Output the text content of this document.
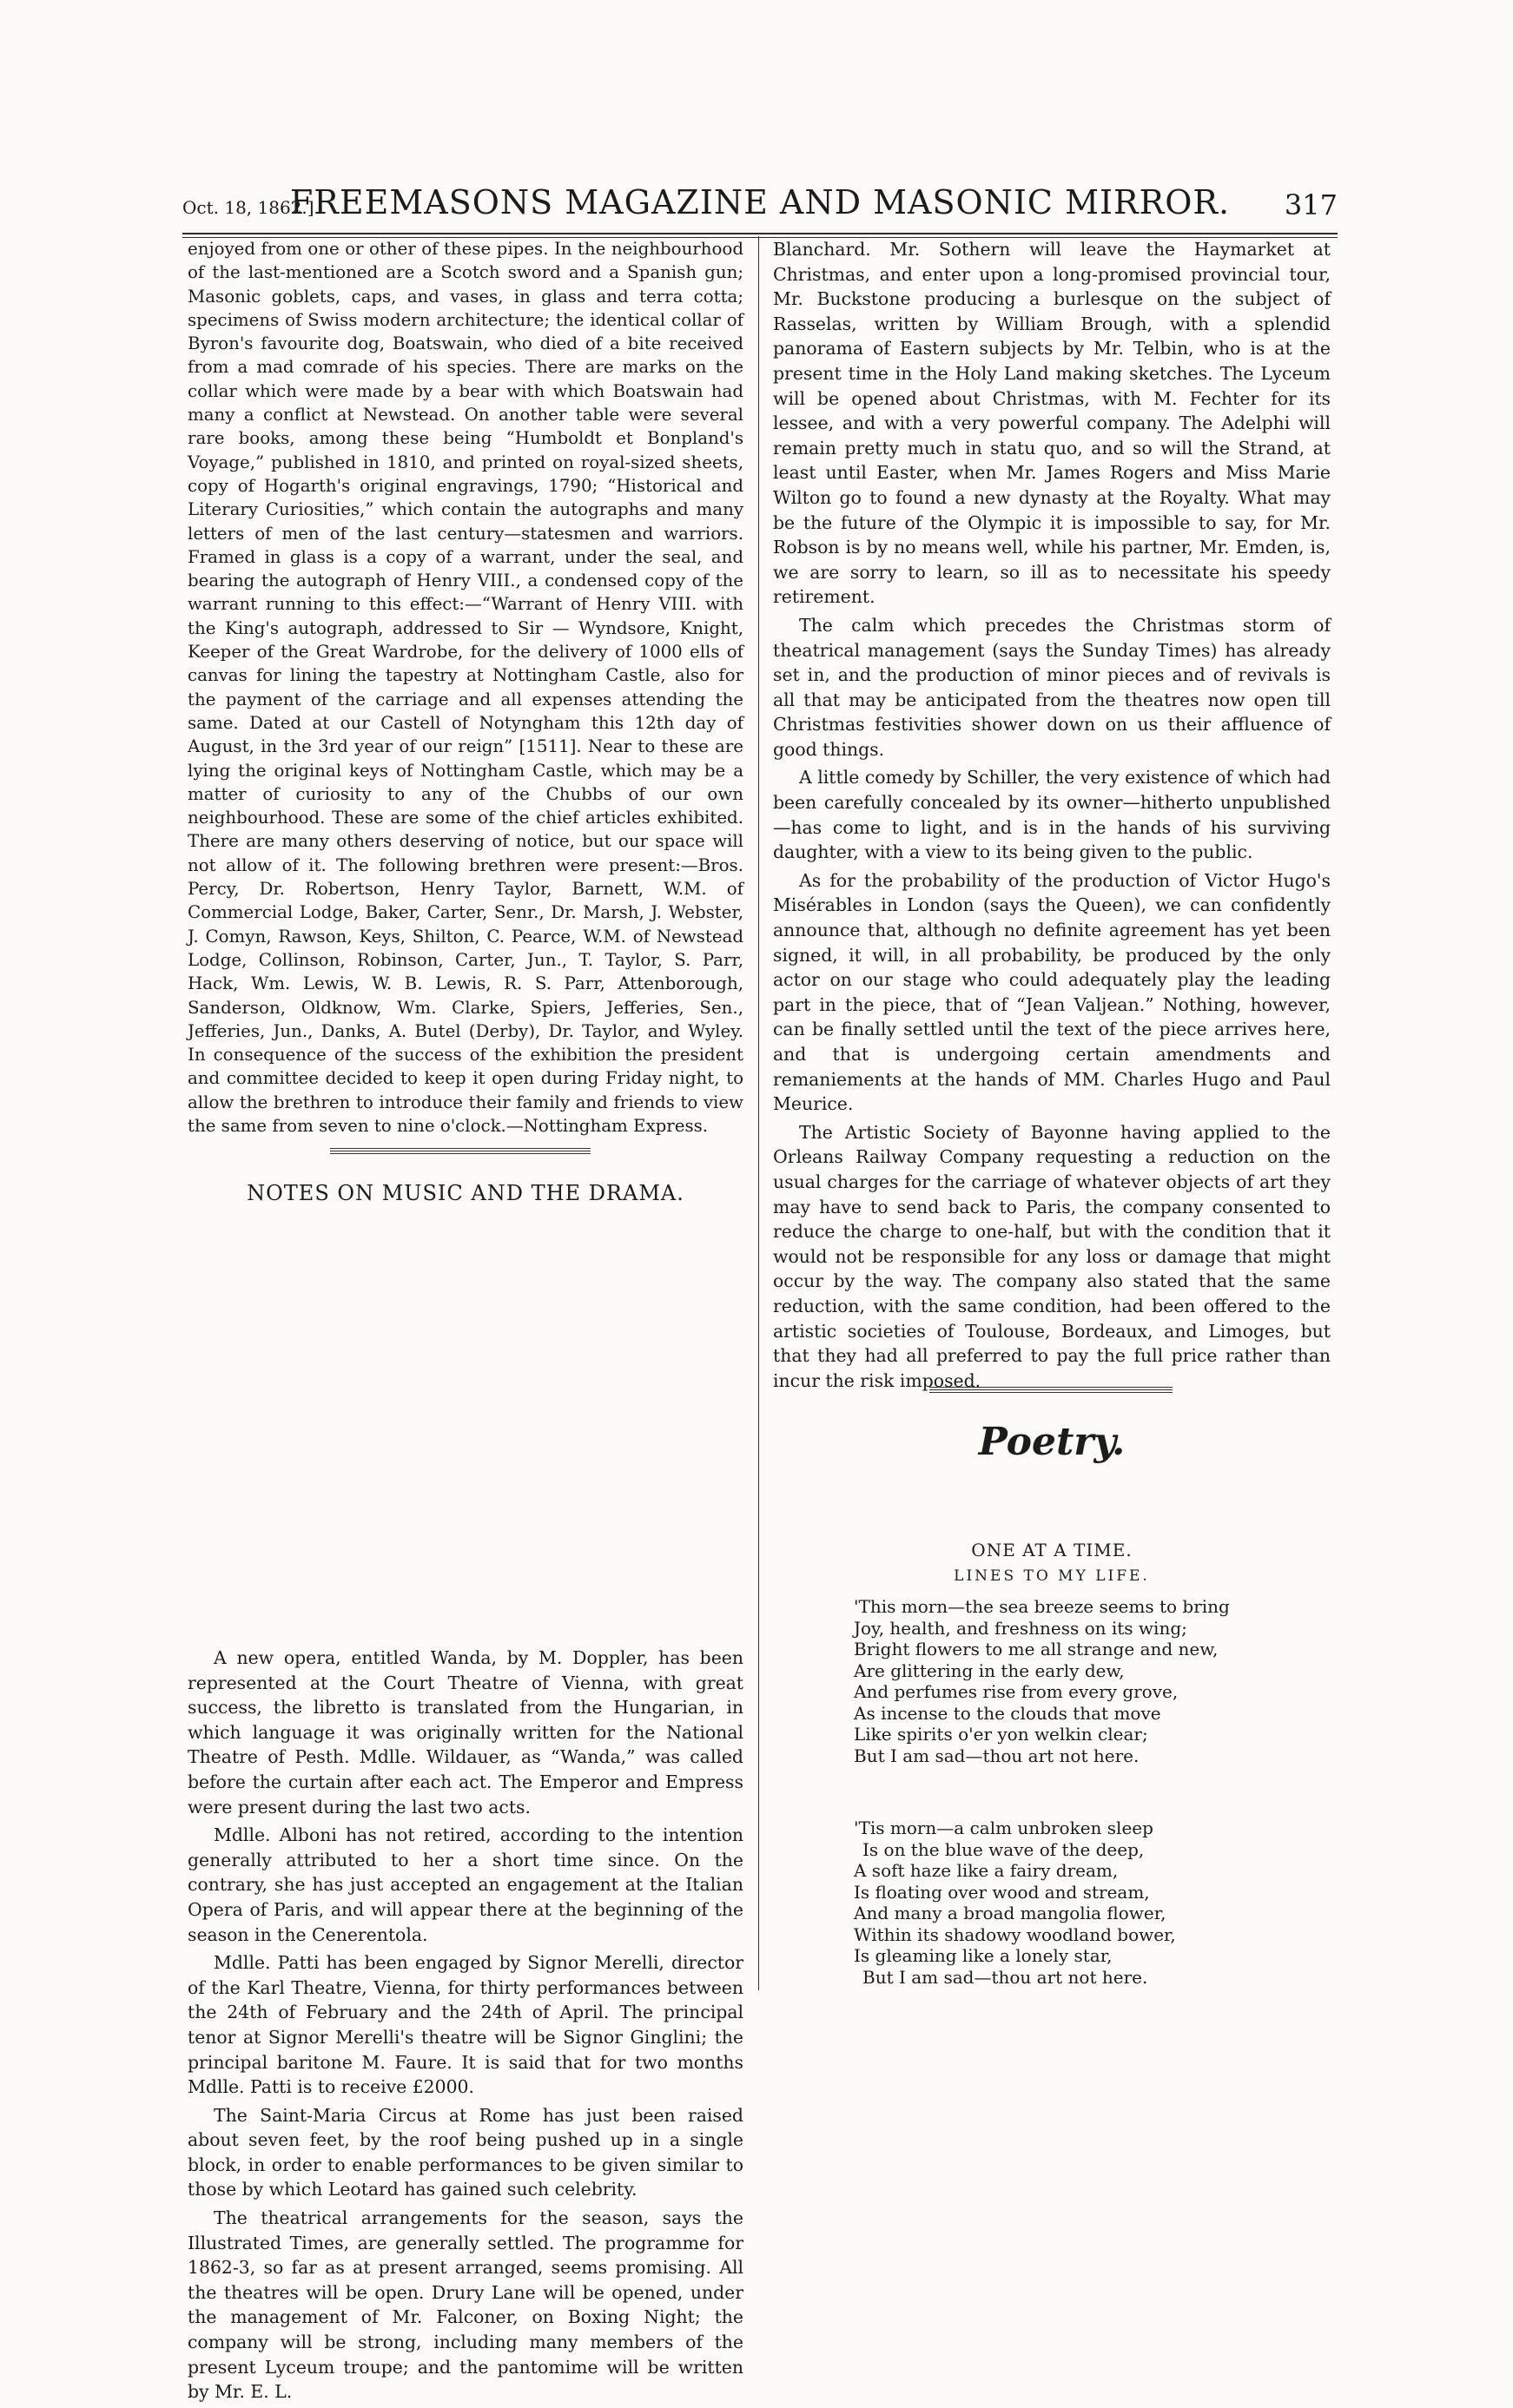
Oct. 18, 1862.]
FREEMASONS MAGAZINE AND MASONIC MIRROR.	317

enjoyed from one or other of these pipes. In the neighbourhood of the last-mentioned are a Scotch sword and a Spanish gun; Masonic goblets, caps, and vases, in glass and terra cotta; specimens of Swiss modern architecture; the identical collar of Byron's favourite dog, Boatswain, who died of a bite received from a mad comrade of his species. There are marks on the collar which were made by a bear with which Boatswain had many a conflict at Newstead. On another table were several rare books, among these being “Humboldt et Bonpland's Voyage,” published in 1810, and printed on royal-sized sheets, copy of Hogarth's original engravings, 1790; “Historical and Literary Curiosities,” which contain the autographs and many letters of men of the last century—statesmen and warriors. Framed in glass is a copy of a warrant, under the seal, and bearing the autograph of Henry VIII., a condensed copy of the warrant running to this effect:—“Warrant of Henry VIII. with the King's autograph, addressed to Sir — Wyndsore, Knight, Keeper of the Great Wardrobe, for the delivery of 1000 ells of canvas for lining the tapestry at Nottingham Castle, also for the payment of the carriage and all expenses attending the same. Dated at our Castell of Notyngham this 12th day of August, in the 3rd year of our reign” [1511]. Near to these are lying the original keys of Nottingham Castle, which may be a matter of curiosity to any of the Chubbs of our own neighbourhood. These are some of the chief articles exhibited. There are many others deserving of notice, but our space will not allow of it. The following brethren were present:—Bros. Percy, Dr. Robertson, Henry Taylor, Barnett, W.M. of Commercial Lodge, Baker, Carter, Senr., Dr. Marsh, J. Webster, J. Comyn, Rawson, Keys, Shilton, C. Pearce, W.M. of Newstead Lodge, Collinson, Robinson, Carter, Jun., T. Taylor, S. Parr, Hack, Wm. Lewis, W. B. Lewis, R. S. Parr, Attenborough, Sanderson, Oldknow, Wm. Clarke, Spiers, Jefferies, Sen., Jefferies, Jun., Danks, A. Butel (Derby), Dr. Taylor, and Wyley. In consequence of the success of the exhibition the president and committee decided to keep it open during Friday night, to allow the brethren to introduce their family and friends to view the same from seven to nine o'clock.—Nottingham Express.

NOTES ON MUSIC AND THE DRAMA.

A new opera, entitled Wanda, by M. Doppler, has been represented at the Court Theatre of Vienna, with great success, the libretto is translated from the Hungarian, in which language it was originally written for the National Theatre of Pesth. Mdlle. Wildauer, as “Wanda,” was called before the curtain after each act. The Emperor and Empress were present during the last two acts.

Mdlle. Alboni has not retired, according to the intention generally attributed to her a short time since. On the contrary, she has just accepted an engagement at the Italian Opera of Paris, and will appear there at the beginning of the season in the Cenerentola.

Mdlle. Patti has been engaged by Signor Merelli, director of the Karl Theatre, Vienna, for thirty performances between the 24th of February and the 24th of April. The principal tenor at Signor Merelli's theatre will be Signor Ginglini; the principal baritone M. Faure. It is said that for two months Mdlle. Patti is to receive £2000.

The Saint-Maria Circus at Rome has just been raised about seven feet, by the roof being pushed up in a single block, in order to enable performances to be given similar to those by which Leotard has gained such celebrity.

The theatrical arrangements for the season, says the Illustrated Times, are generally settled. The programme for 1862-3, so far as at present arranged, seems promising. All the theatres will be open. Drury Lane will be opened, under the management of Mr. Falconer, on Boxing Night; the company will be strong, including many members of the present Lyceum troupe; and the pantomime will be written by Mr. E. L.

Blanchard. Mr. Sothern will leave the Haymarket at Christmas, and enter upon a long-promised provincial tour, Mr. Buckstone producing a burlesque on the subject of Rasselas, written by William Brough, with a splendid panorama of Eastern subjects by Mr. Telbin, who is at the present time in the Holy Land making sketches. The Lyceum will be opened about Christmas, with M. Fechter for its lessee, and with a very powerful company. The Adelphi will remain pretty much in statu quo, and so will the Strand, at least until Easter, when Mr. James Rogers and Miss Marie Wilton go to found a new dynasty at the Royalty. What may be the future of the Olympic it is impossible to say, for Mr. Robson is by no means well, while his partner, Mr. Emden, is, we are sorry to learn, so ill as to necessitate his speedy retirement.

The calm which precedes the Christmas storm of theatrical management (says the Sunday Times) has already set in, and the production of minor pieces and of revivals is all that may be anticipated from the theatres now open till Christmas festivities shower down on us their affluence of good things.

A little comedy by Schiller, the very existence of which had been carefully concealed by its owner—hitherto unpublished—has come to light, and is in the hands of his surviving daughter, with a view to its being given to the public.

As for the probability of the production of Victor Hugo's Misérables in London (says the Queen), we can confidently announce that, although no definite agreement has yet been signed, it will, in all probability, be produced by the only actor on our stage who could adequately play the leading part in the piece, that of “Jean Valjean.” Nothing, however, can be finally settled until the text of the piece arrives here, and that is undergoing certain amendments and remaniements at the hands of MM. Charles Hugo and Paul Meurice.

The Artistic Society of Bayonne having applied to the Orleans Railway Company requesting a reduction on the usual charges for the carriage of whatever objects of art they may have to send back to Paris, the company consented to reduce the charge to one-half, but with the condition that it would not be responsible for any loss or damage that might occur by the way. The company also stated that the same reduction, with the same condition, had been offered to the artistic societies of Toulouse, Bordeaux, and Limoges, but that they had all preferred to pay the full price rather than incur the risk imposed.

Poetry.
ONE AT A TIME.
LINES TO MY LIFE.
'This morn—the sea breeze seems to bring
Joy, health, and freshness on its wing;
Bright flowers to me all strange and new,
Are glittering in the early dew,
And perfumes rise from every grove,
As incense to the clouds that move
Like spirits o'er yon welkin clear;
But I am sad—thou art not here.
'Tis morn—a calm unbroken sleep
Is on the blue wave of the deep,
A soft haze like a fairy dream,
Is floating over wood and stream,
And many a broad mangolia flower,
Within its shadowy woodland bower,
Is gleaming like a lonely star,
But I am sad—thou art not here.
